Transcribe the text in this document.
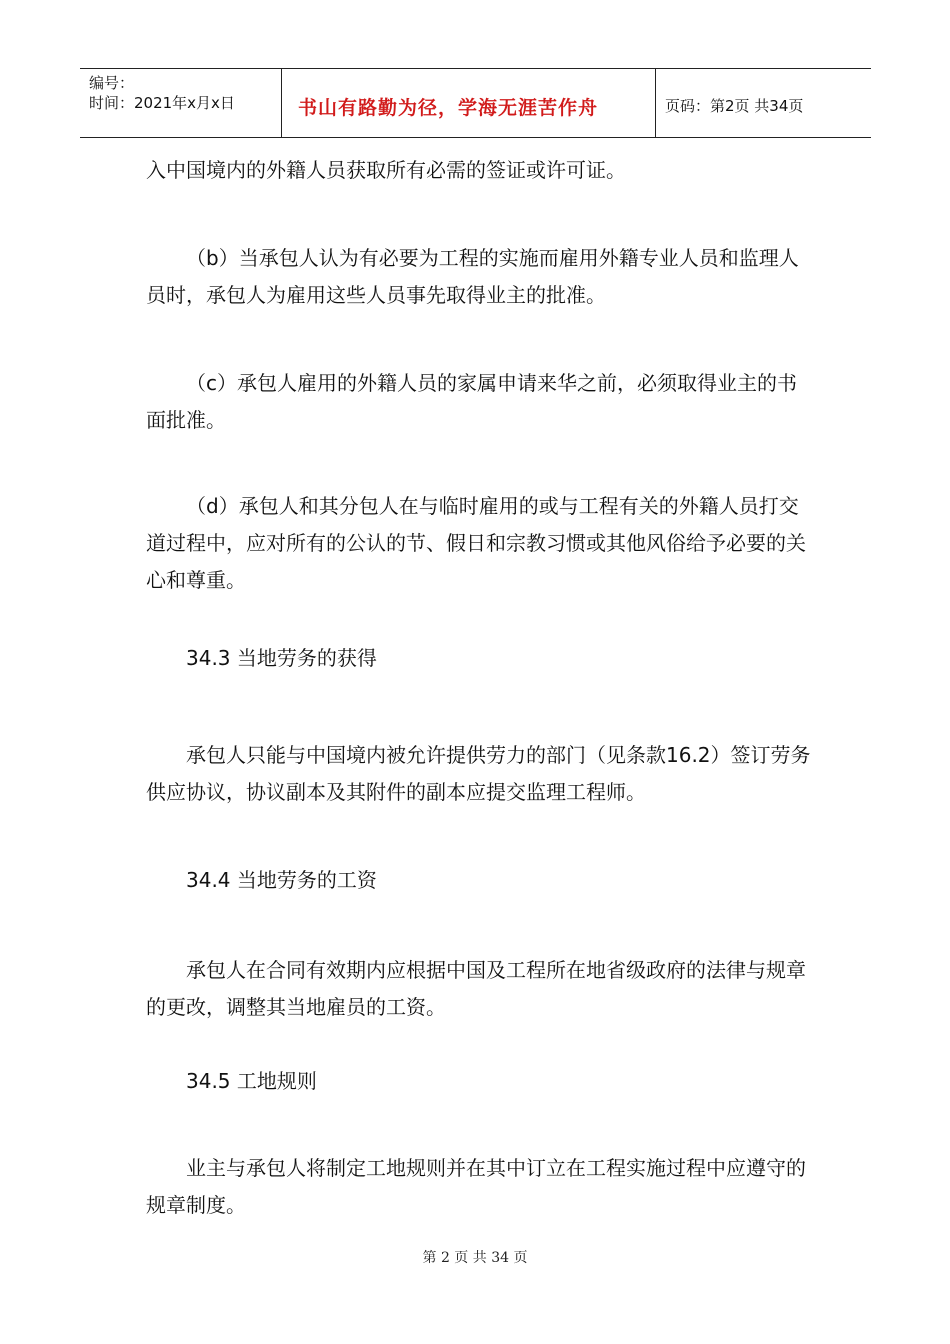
编号：
时间：2021年x月x日	书山有路勤为径，学海无涯苦作舟	页码：第2页 共34页

入中国境内的外籍人员获取所有必需的签证或许可证。

（b）当承包人认为有必要为工程的实施而雇用外籍专业人员和监理人员时，承包人为雇用这些人员事先取得业主的批准。

（c）承包人雇用的外籍人员的家属申请来华之前，必须取得业主的书面批准。

（d）承包人和其分包人在与临时雇用的或与工程有关的外籍人员打交道过程中，应对所有的公认的节、假日和宗教习惯或其他风俗给予必要的关心和尊重。

34.3 当地劳务的获得

承包人只能与中国境内被允许提供劳力的部门（见条款16.2）签订劳务供应协议，协议副本及其附件的副本应提交监理工程师。

34.4 当地劳务的工资

承包人在合同有效期内应根据中国及工程所在地省级政府的法律与规章的更改，调整其当地雇员的工资。

34.5 工地规则

业主与承包人将制定工地规则并在其中订立在工程实施过程中应遵守的规章制度。

第 2 页 共 34 页
